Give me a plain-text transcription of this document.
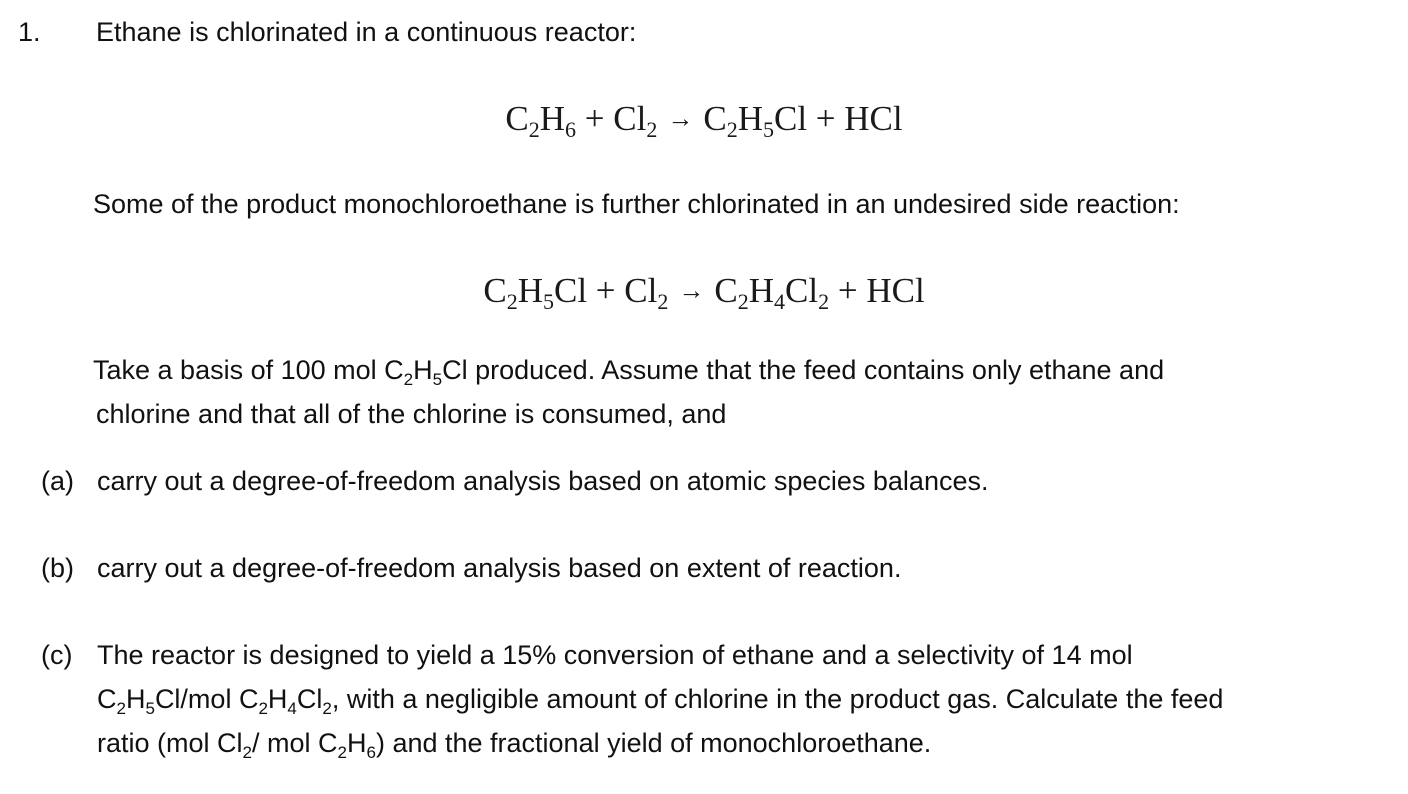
1. Ethane is chlorinated in a continuous reactor:
$C_2H_6 + Cl_2 \to C_2H_5Cl$ + HCl
Some of the product monochloroethane is further chlorinated in an undesired side reaction:
$C_2H_5Cl + Cl_2 \to C_2H_4Cl_2$ + HCl
Take a basis of 100 mol $C_2H_5Cl$ produced. Assume that the feed contains only ethane and
chlorine and that all of the chlorine is consumed, and
(a) carry out a degree-of-freedom analysis based on atomic species balances.
(b) carry out a degree-of-freedom analysis based on extent of reaction.
(c) The reactor is designed to yield a 15% conversion of ethane and a selectivity of 14 mol
$C_2H_5Cl$/mol $C_2H_4Cl_2$, with a negligible amount of chlorine in the product gas. Calculate the feed
ratio (mol $Cl_2/$ mol $C_2H_6$) and the fractional yield of monochloroethane.
